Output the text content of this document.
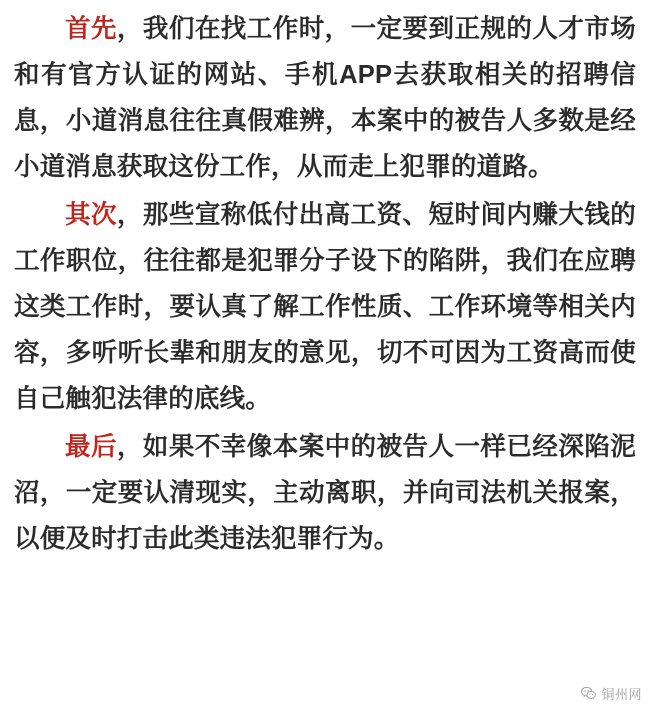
首先，我们在找工作时，一定要到正规的人才市场和有官方认证的网站、手机APP去获取相关的招聘信息，小道消息往往真假难辨，本案中的被告人多数是经小道消息获取这份工作，从而走上犯罪的道路。

其次，那些宣称低付出高工资、短时间内赚大钱的工作职位，往往都是犯罪分子设下的陷阱，我们在应聘这类工作时，要认真了解工作性质、工作环境等相关内容，多听听长辈和朋友的意见，切不可因为工资高而使自己触犯法律的底线。

最后，如果不幸像本案中的被告人一样已经深陷泥沼，一定要认清现实，主动离职，并向司法机关报案，以便及时打击此类违法犯罪行为。

铜州网
